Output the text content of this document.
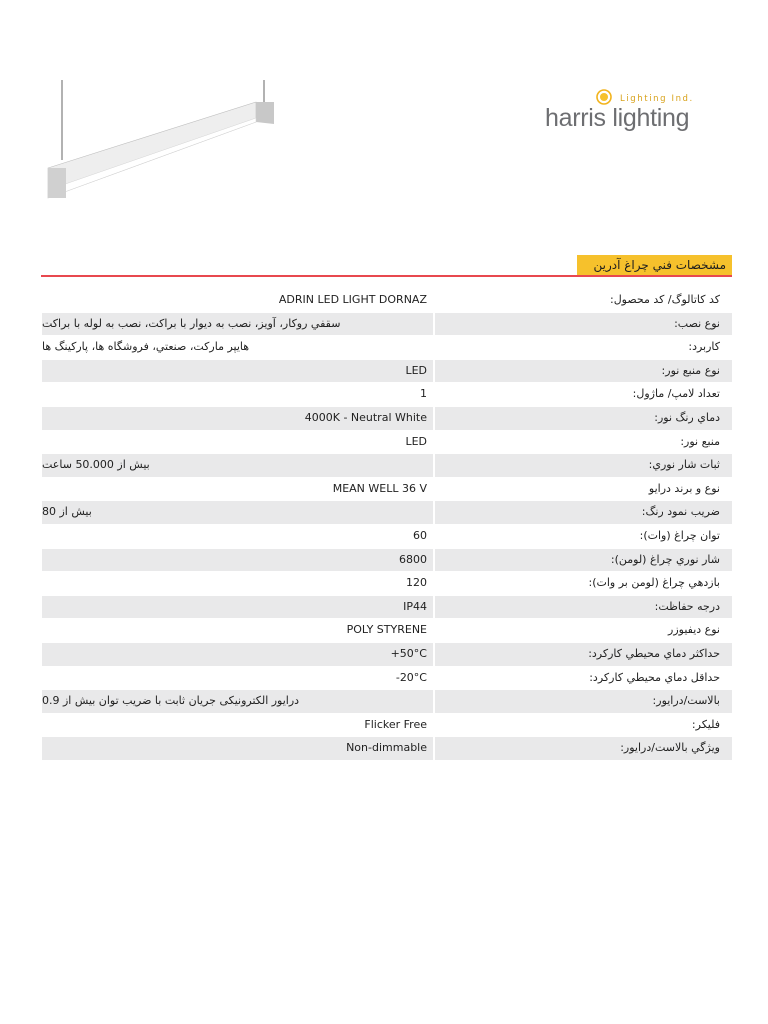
Lighting Ind.
harris lighting
مشخصات فني چراغ آدرين
ADRIN LED LIGHT DORNAZ	كد كاتالوگ/ كد محصول:
سقفي روكار، آويز، نصب به ديوار با براكت، نصب به لوله با براكت	نوع نصب:
هايپر ماركت، صنعتي، فروشگاه ها، پاركينگ ها	كاربرد:
LED	نوع منبع نور:
1	تعداد لامپ/ ماژول:
4000K - Neutral White	دماي رنگ نور:
LED	منبع نور:
بيش از 50.000 ساعت	ثبات شار نوري:
MEAN WELL 36 V	نوع و برند درايو
بيش از 80	ضريب نمود رنگ:
60	توان چراغ (وات):
6800	شار نوري چراغ (لومن):
120	بازدهي چراغ (لومن بر وات):
IP44	درجه حفاظت:
POLY STYRENE	نوع ديفيوزر
+50°C	حداكثر دماي محيطي كاركرد:
-20°C	حداقل دماي محيطي كاركرد:
درایور الکترونیکی جریان ثابت با ضریب توان بیش از 0.9	بالاست/درايور:
Flicker Free	فليكر:
Non-dimmable	ويژگي بالاست/درايور:
